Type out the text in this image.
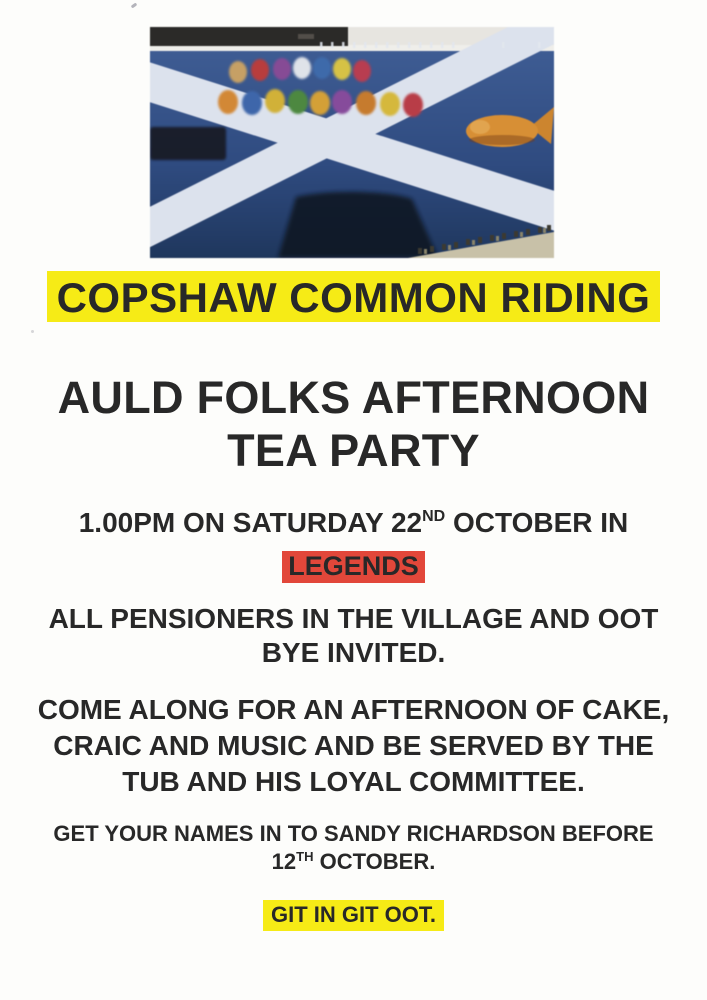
COPSHAW COMMON RIDING
AULD FOLKS AFTERNOON
TEA PARTY
1.00PM ON SATURDAY 22ND OCTOBER IN
LEGENDS
ALL PENSIONERS IN THE VILLAGE AND OOT
BYE INVITED.
COME ALONG FOR AN AFTERNOON OF CAKE,
CRAIC AND MUSIC AND BE SERVED BY THE
TUB AND HIS LOYAL COMMITTEE.
GET YOUR NAMES IN TO SANDY RICHARDSON BEFORE
12TH OCTOBER.
GIT IN GIT OOT.
